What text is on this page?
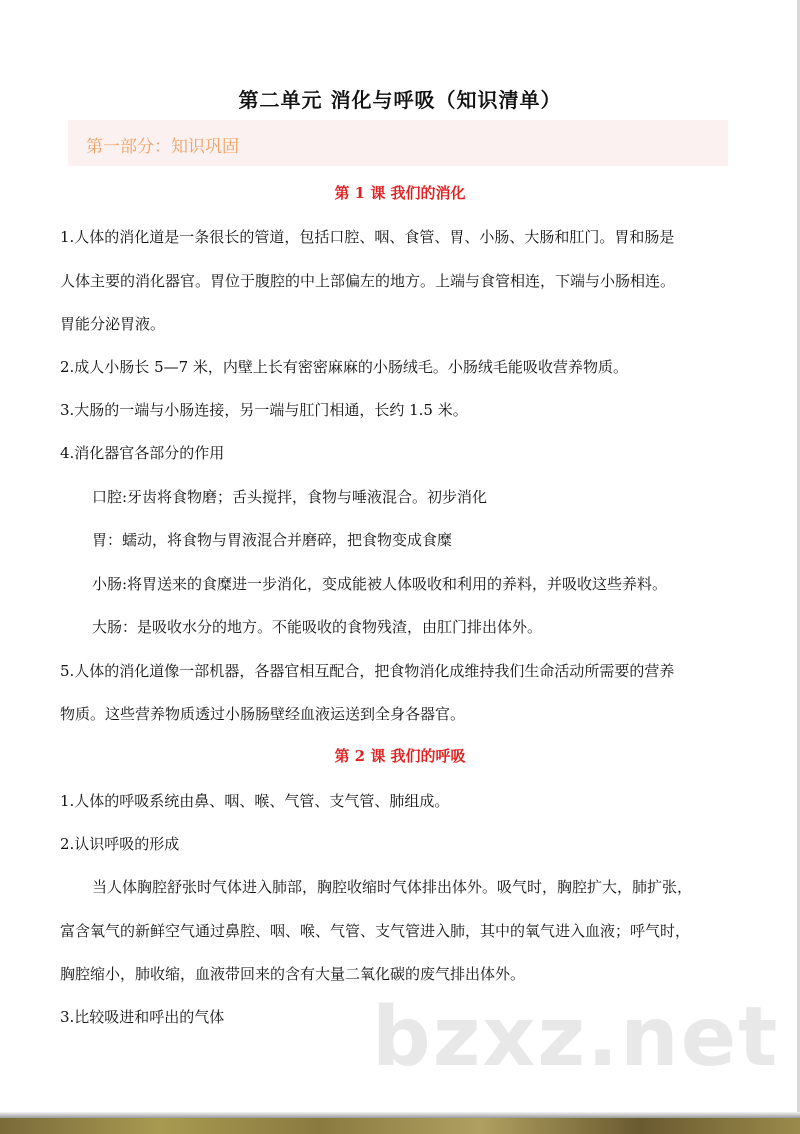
第二单元 消化与呼吸（知识清单）
第一部分：知识巩固
第 1 课 我们的消化
1.人体的消化道是一条很长的管道，包括口腔、咽、食管、胃、小肠、大肠和肛门。胃和肠是
人体主要的消化器官。胃位于腹腔的中上部偏左的地方。上端与食管相连，下端与小肠相连。
胃能分泌胃液。
2.成人小肠长 5—7 米，内壁上长有密密麻麻的小肠绒毛。小肠绒毛能吸收营养物质。
3.大肠的一端与小肠连接，另一端与肛门相通，长约 1.5 米。
4.消化器官各部分的作用
口腔:牙齿将食物磨；舌头搅拌，食物与唾液混合。初步消化
胃：蠕动，将食物与胃液混合并磨碎，把食物变成食糜
小肠:将胃送来的食糜进一步消化，变成能被人体吸收和利用的养料，并吸收这些养料。
大肠：是吸收水分的地方。不能吸收的食物残渣，由肛门排出体外。
5.人体的消化道像一部机器，各器官相互配合，把食物消化成维持我们生命活动所需要的营养
物质。这些营养物质透过小肠肠壁经血液运送到全身各器官。
第 2 课 我们的呼吸
1.人体的呼吸系统由鼻、咽、喉、气管、支气管、肺组成。
2.认识呼吸的形成
当人体胸腔舒张时气体进入肺部，胸腔收缩时气体排出体外。吸气时，胸腔扩大，肺扩张，
富含氧气的新鲜空气通过鼻腔、咽、喉、气管、支气管进入肺，其中的氧气进入血液；呼气时，
胸腔缩小，肺收缩，血液带回来的含有大量二氧化碳的废气排出体外。
3.比较吸进和呼出的气体 bzxz.net
